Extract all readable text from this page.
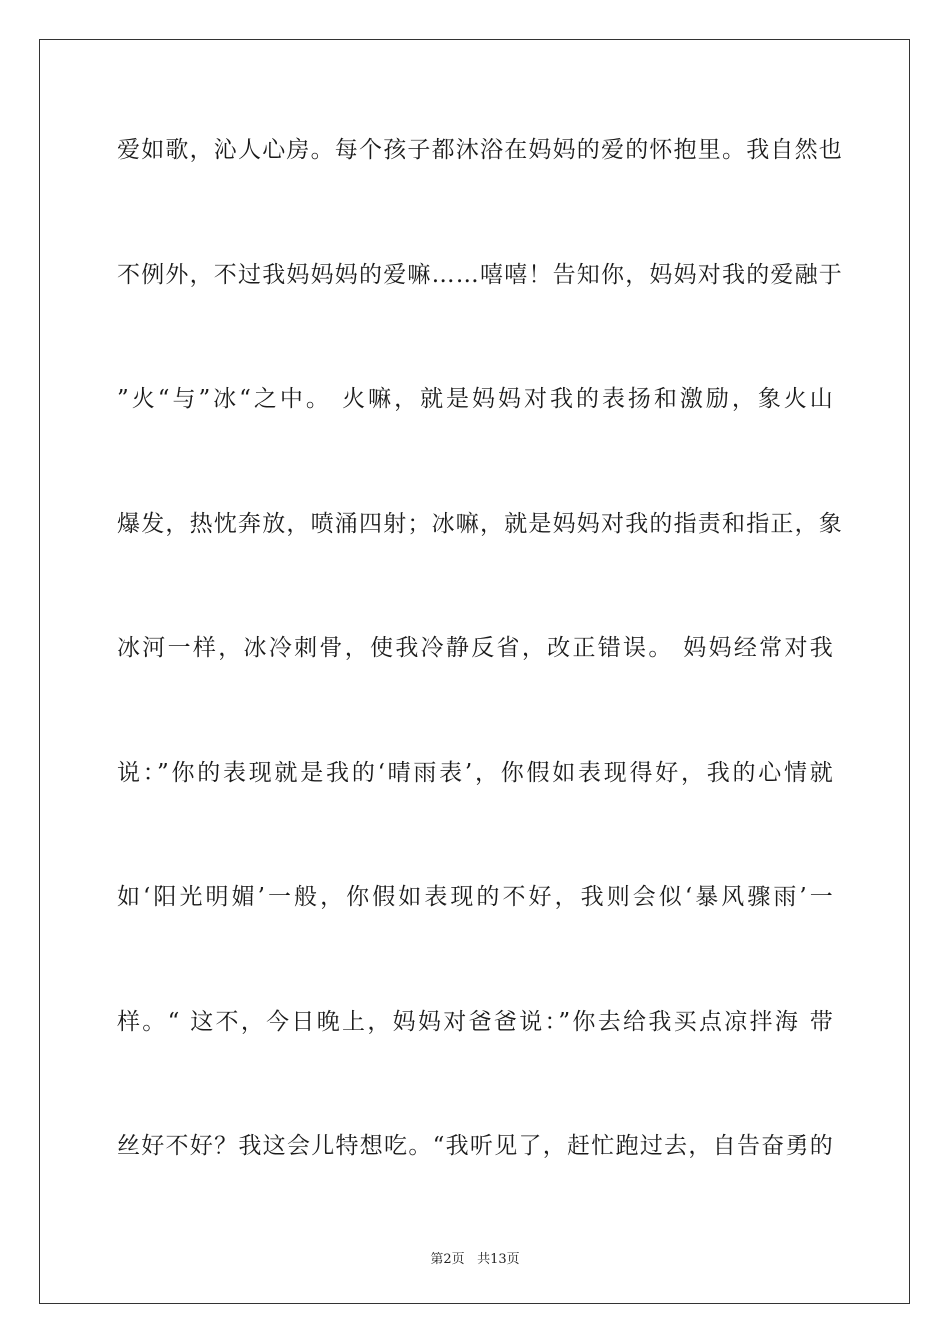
爱如歌，沁人心房。每个孩子都沐浴在妈妈的爱的怀抱里。我自然也
不例外，不过我妈妈妈的爱嘛……嘻嘻！告知你，妈妈对我的爱融于
”火“与”冰“之中。 火嘛，就是妈妈对我的表扬和激励，象火山
爆发，热忱奔放，喷涌四射；冰嘛，就是妈妈对我的指责和指正，象
冰河一样，冰冷刺骨，使我冷静反省，改正错误。 妈妈经常对我
说：”你的表现就是我的‘晴雨表’，你假如表现得好，我的心情就
如‘阳光明媚’一般，你假如表现的不好，我则会似‘暴风骤雨’一
样。“ 这不，今日晚上，妈妈对爸爸说：”你去给我买点凉拌海 带
丝好不好？我这会儿特想吃。“我听见了，赶忙跑过去，自告奋勇的
第2页 共13页
